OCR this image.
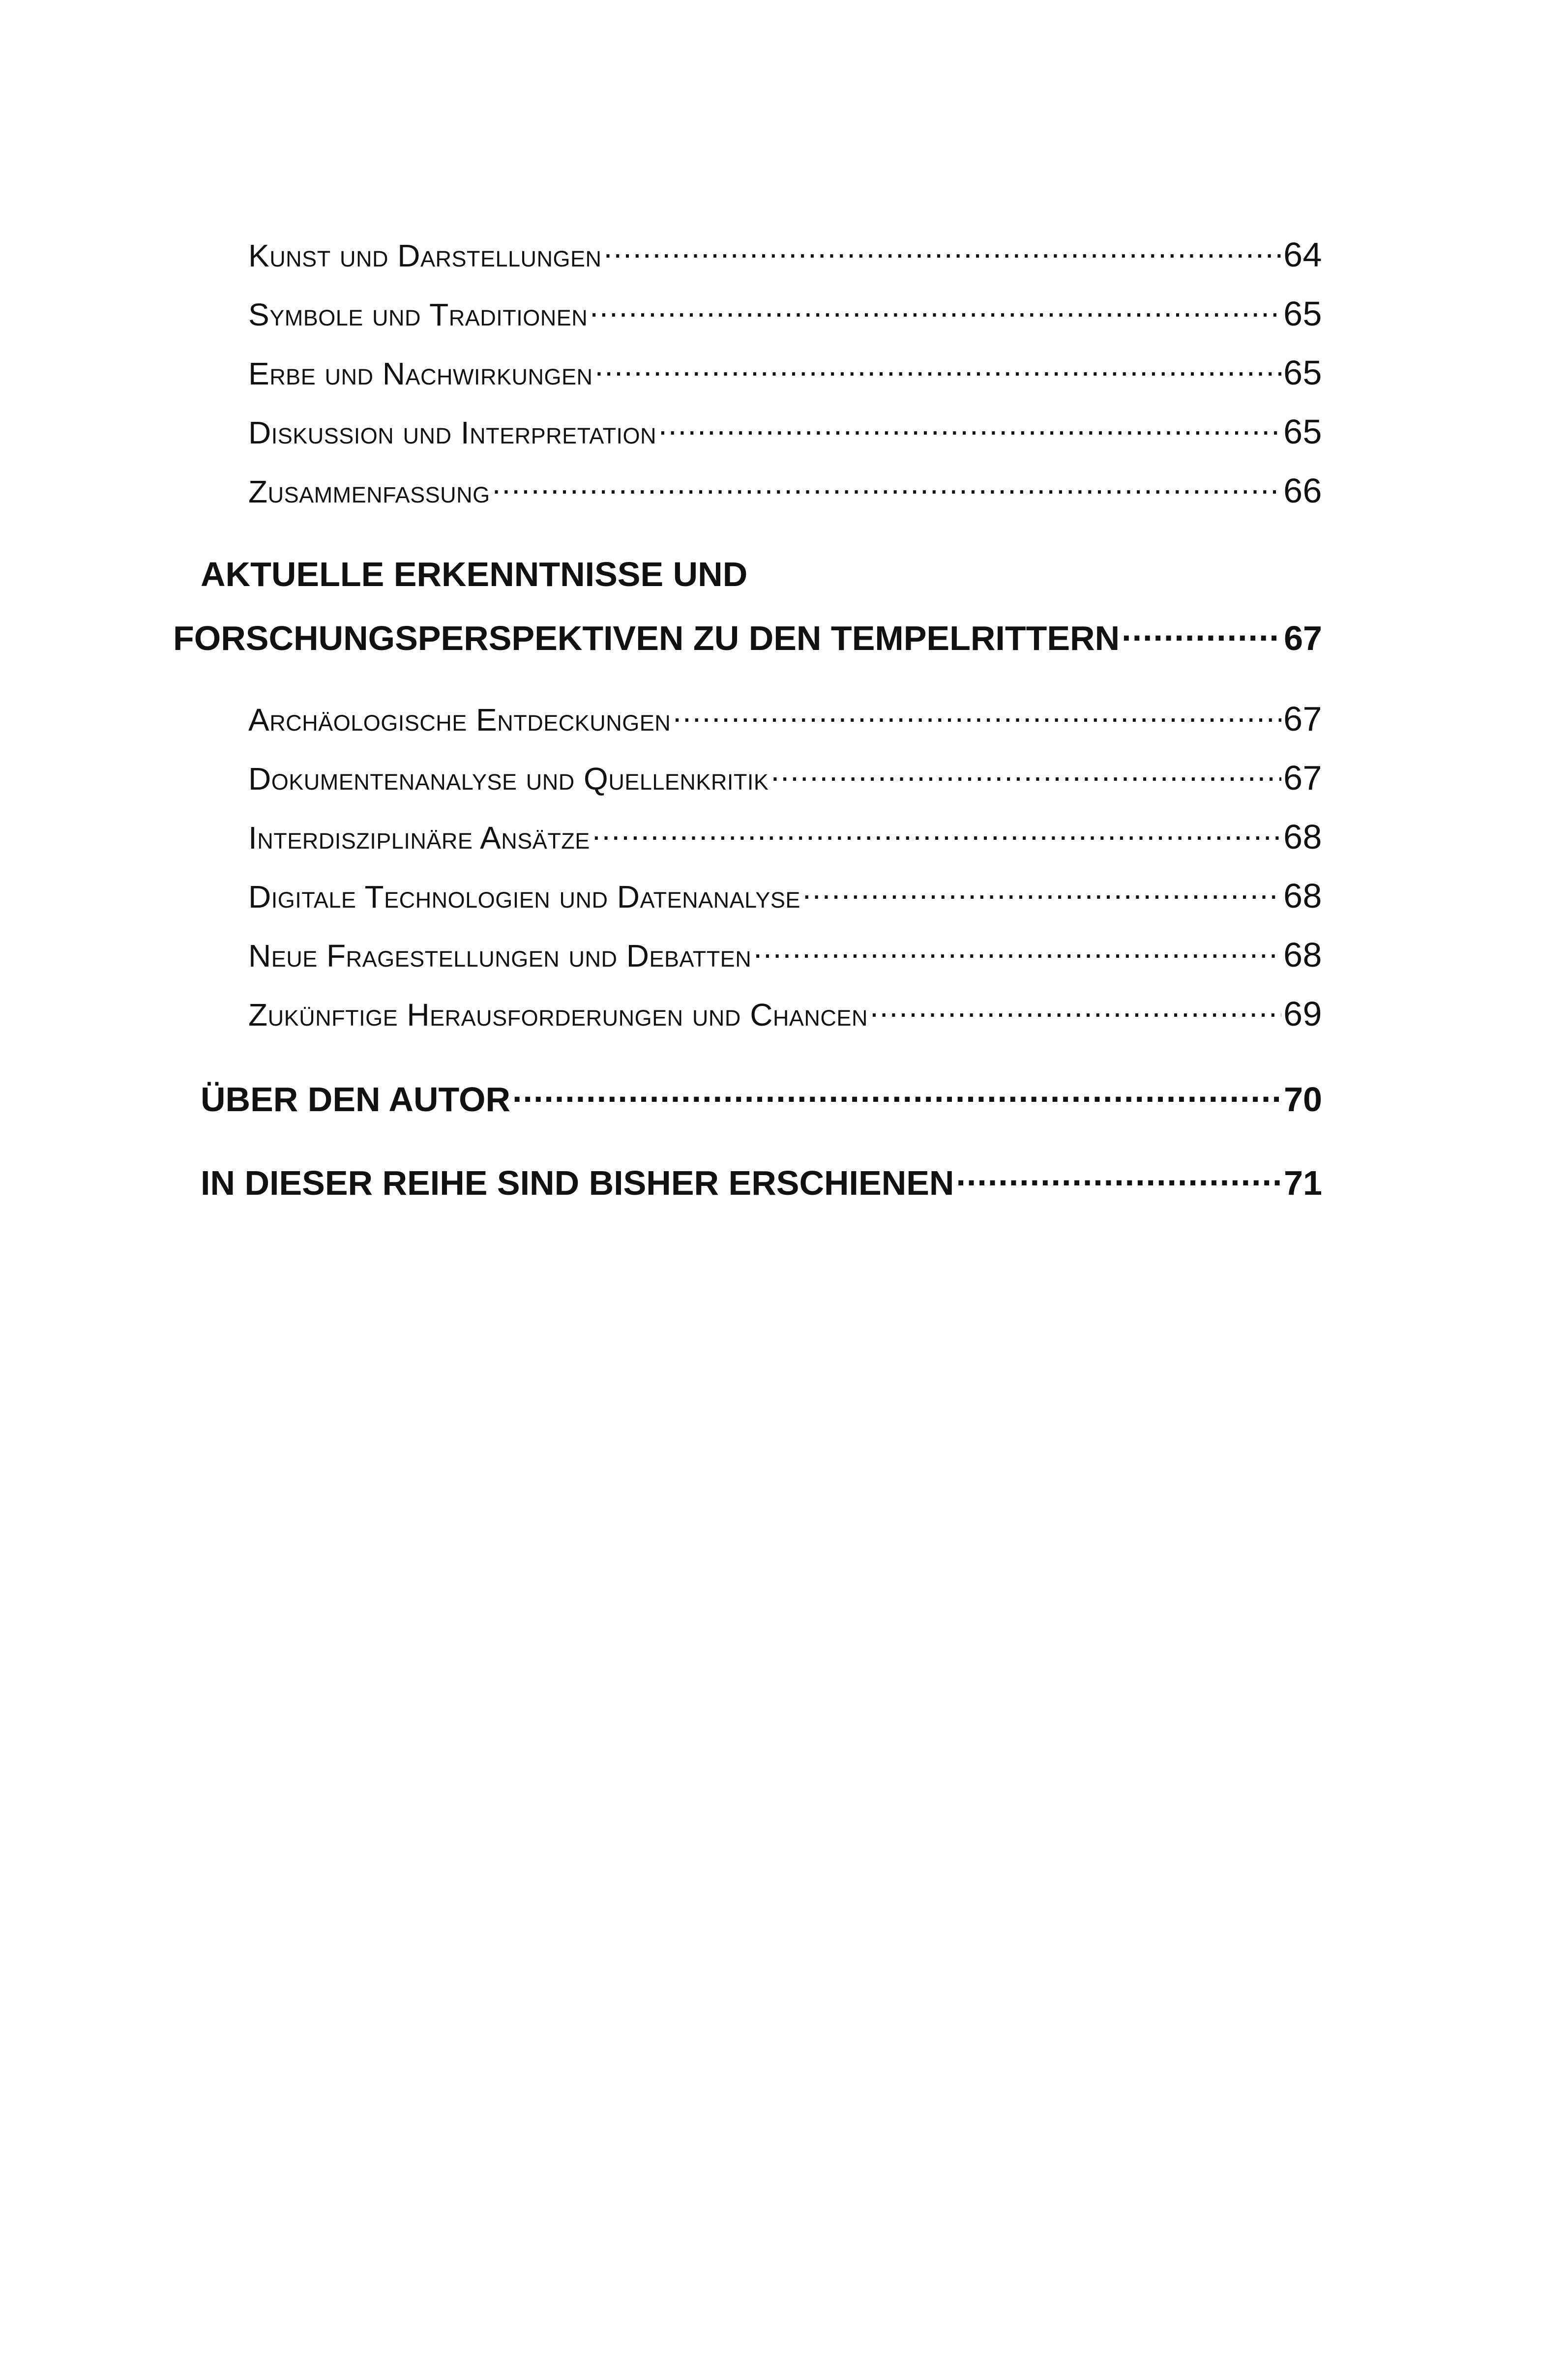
Kunst und Darstellungen .....	64
Symbole und Traditionen .....	65
Erbe und Nachwirkungen .....	65
Diskussion und Interpretation .....	65
Zusammenfassung .....	66
AKTUELLE ERKENNTNISSE UND
FORSCHUNGSPERSPEKTIVEN ZU DEN TEMPELRITTERN .....	67
Archäologische Entdeckungen .....	67
Dokumentenanalyse und Quellenkritik .....	67
Interdisziplinäre Ansätze .....	68
Digitale Technologien und Datenanalyse .....	68
Neue Fragestellungen und Debatten .....	68
Zukünftige Herausforderungen und Chancen .....	69
ÜBER DEN AUTOR .....	70
IN DIESER REIHE SIND BISHER ERSCHIENEN .....	71
